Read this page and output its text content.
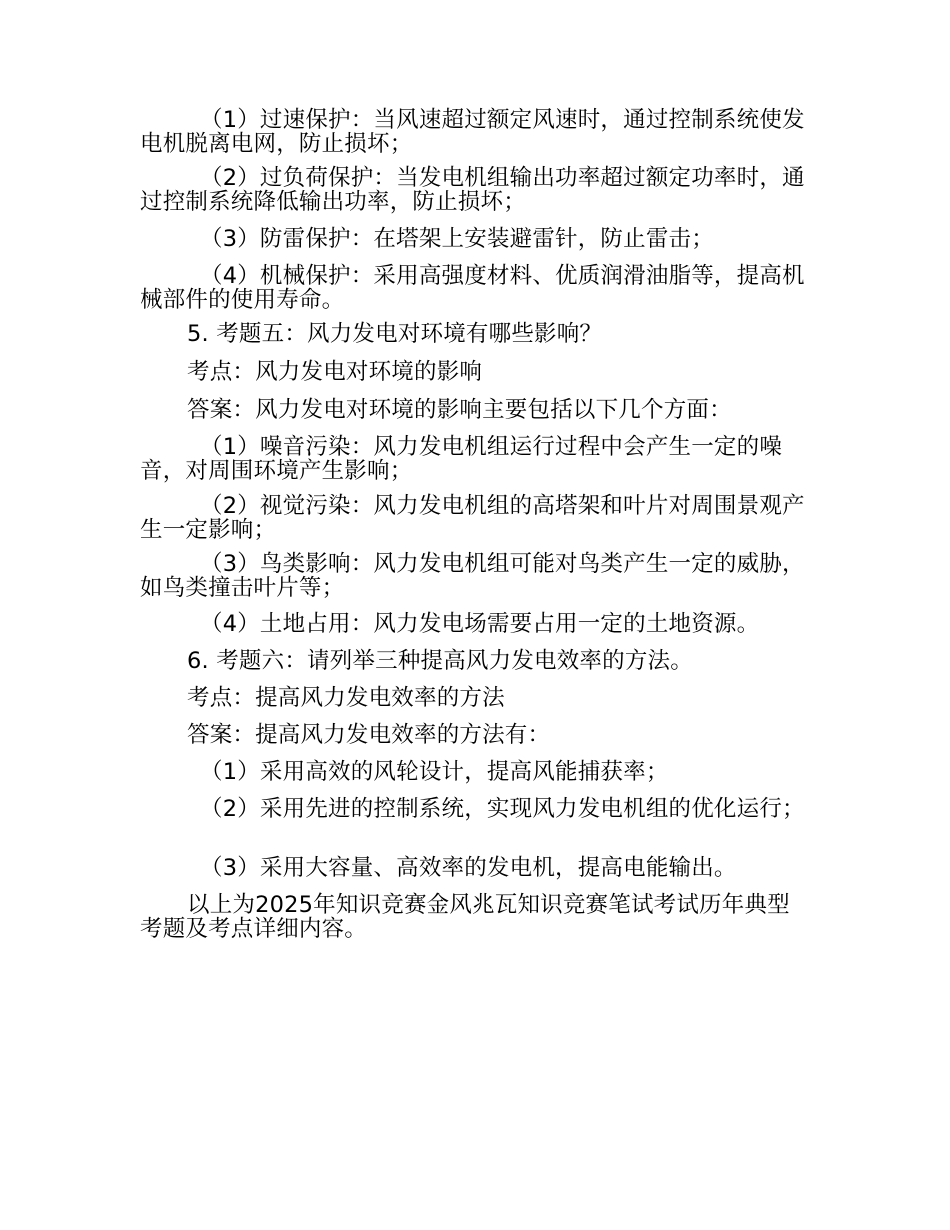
（1）过速保护：当风速超过额定风速时，通过控制系统使发电机脱离电网，防止损坏；
（2）过负荷保护：当发电机组输出功率超过额定功率时，通过控制系统降低输出功率，防止损坏；
（3）防雷保护：在塔架上安装避雷针，防止雷击；
（4）机械保护：采用高强度材料、优质润滑油脂等，提高机械部件的使用寿命。
5. 考题五：风力发电对环境有哪些影响？
考点：风力发电对环境的影响
答案：风力发电对环境的影响主要包括以下几个方面：
（1）噪音污染：风力发电机组运行过程中会产生一定的噪音，对周围环境产生影响；
（2）视觉污染：风力发电机组的高塔架和叶片对周围景观产生一定影响；
（3）鸟类影响：风力发电机组可能对鸟类产生一定的威胁，如鸟类撞击叶片等；
（4）土地占用：风力发电场需要占用一定的土地资源。
6. 考题六：请列举三种提高风力发电效率的方法。
考点：提高风力发电效率的方法
答案：提高风力发电效率的方法有：
（1）采用高效的风轮设计，提高风能捕获率；
（2）采用先进的控制系统，实现风力发电机组的优化运行；
（3）采用大容量、高效率的发电机，提高电能输出。
以上为2025年知识竞赛金风兆瓦知识竞赛笔试考试历年典型考题及考点详细内容。
